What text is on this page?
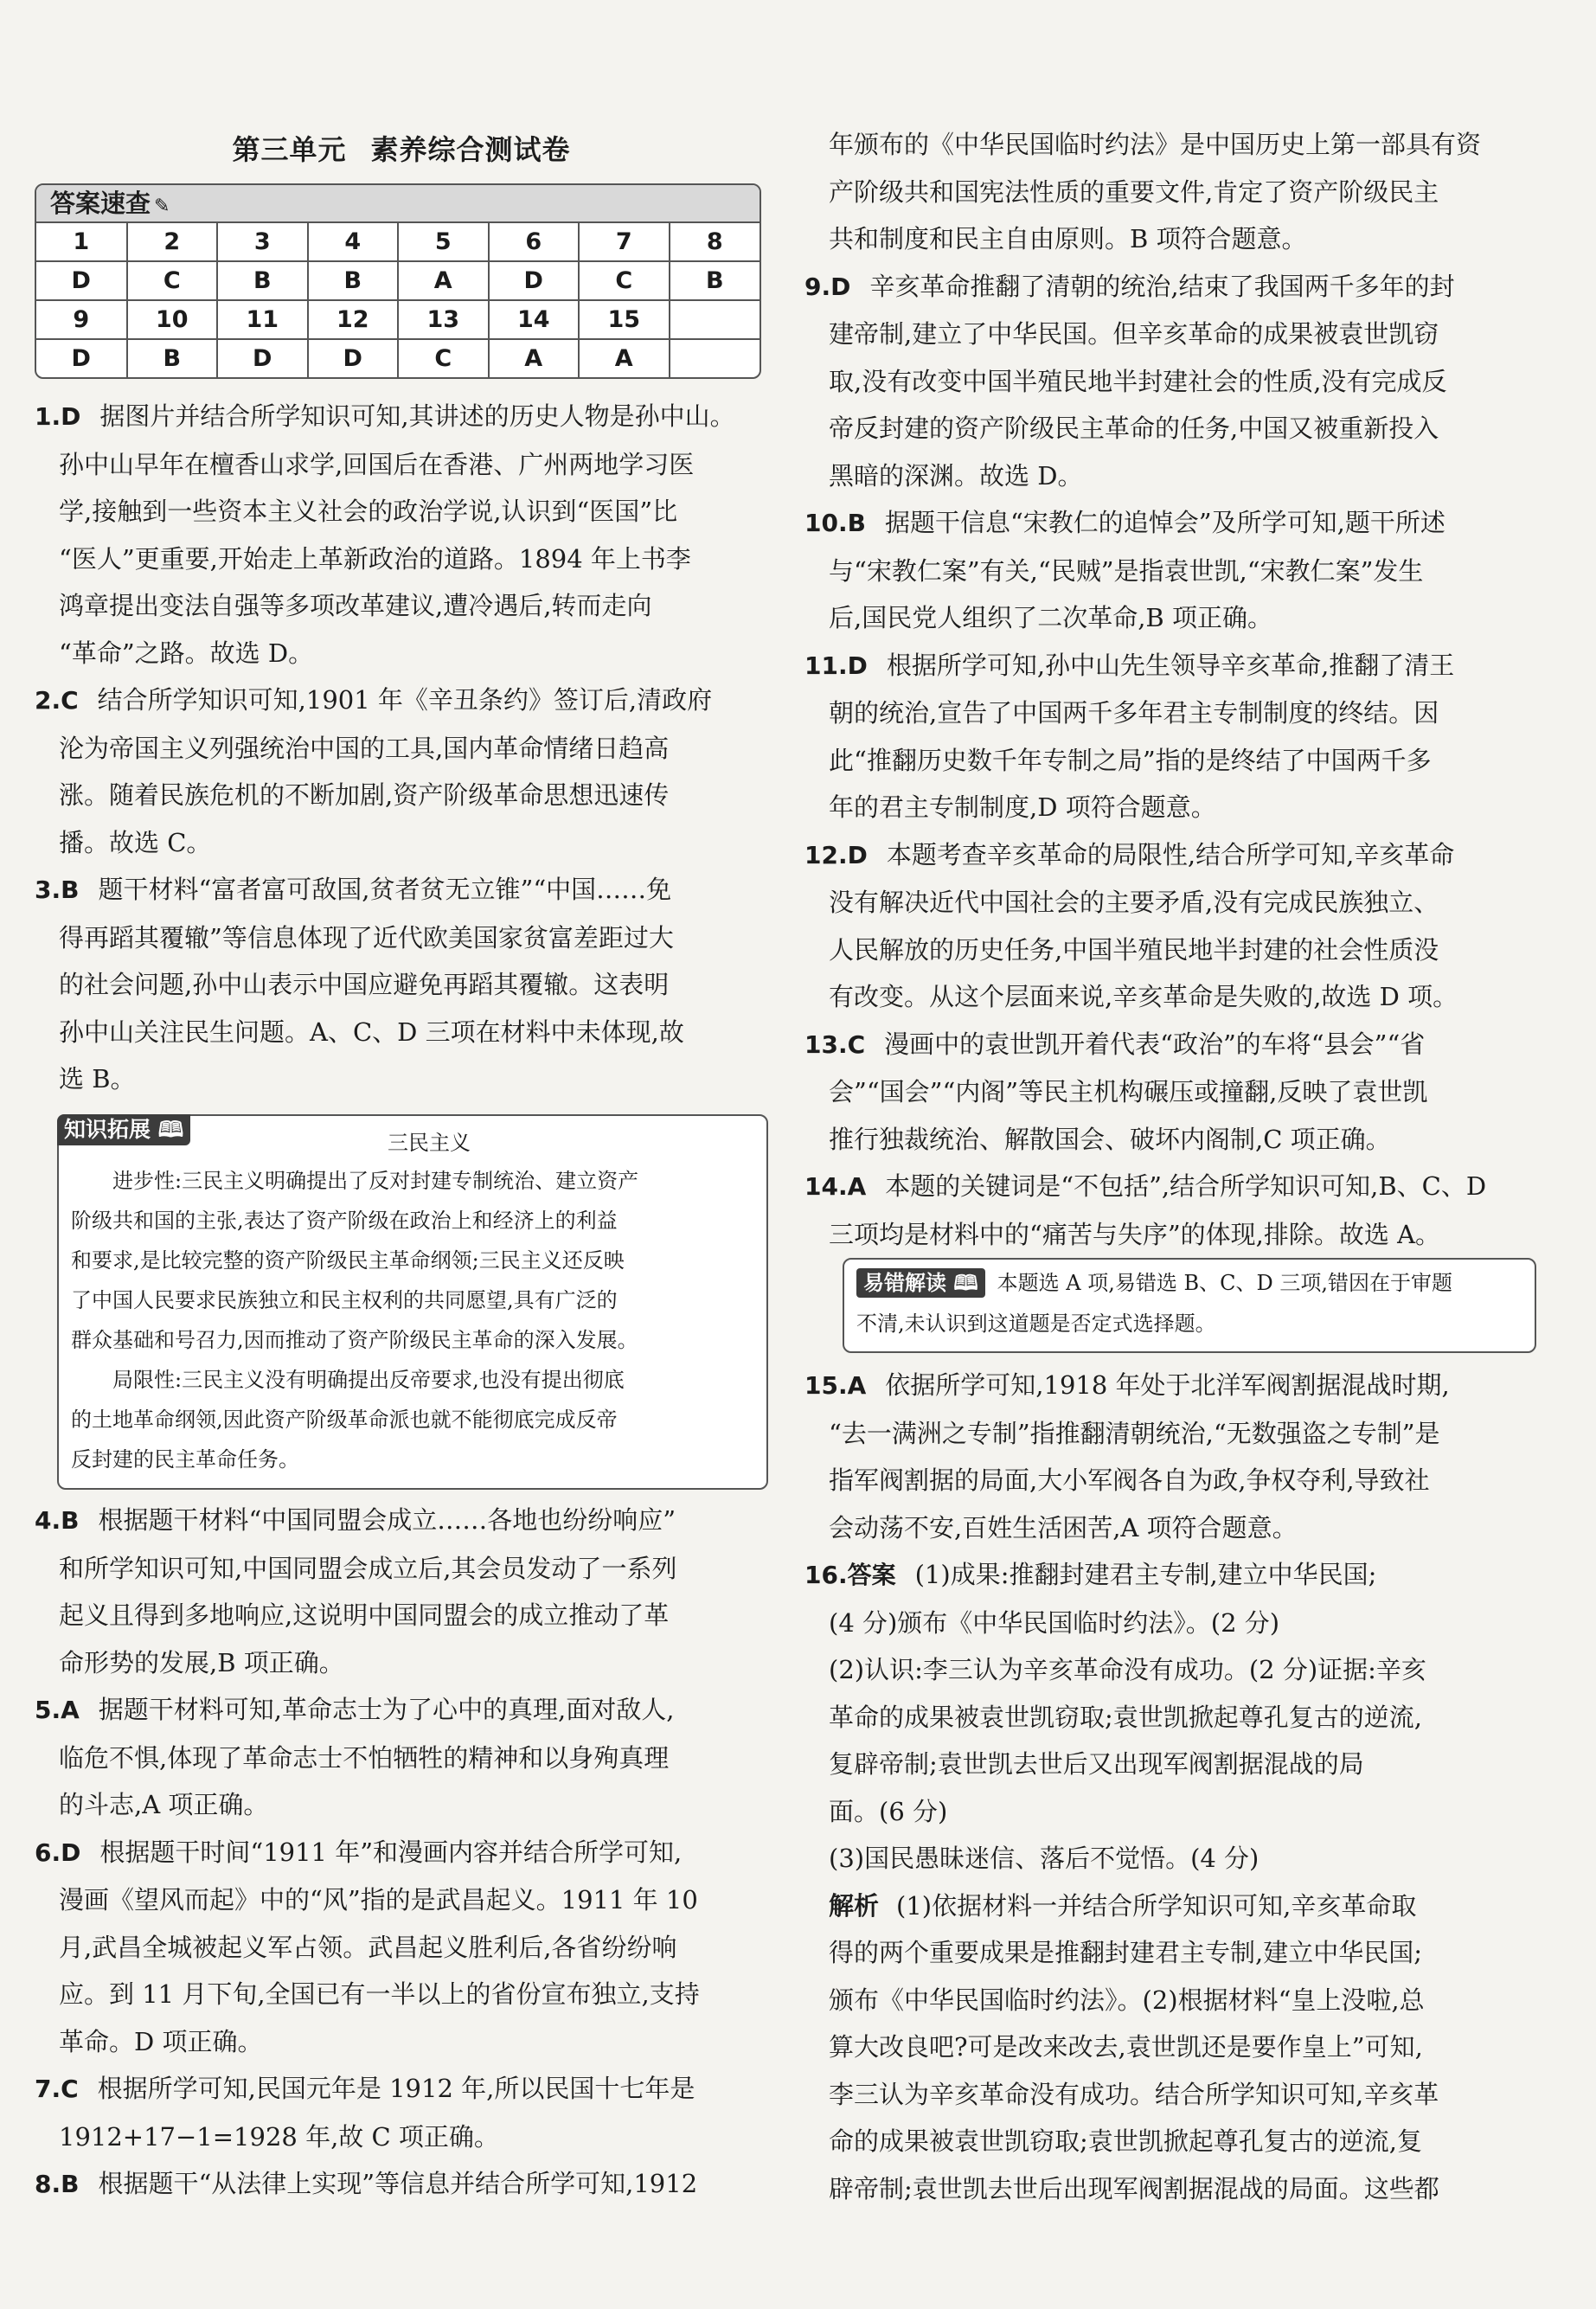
第三单元 素养综合测试卷
答案速查 ✎
1	2	3	4	5	6	7	8
D	C	B	B	A	D	C	B
9	10	11	12	13	14	15	
D	B	D	D	C	A	A	
1.D 据图片并结合所学知识可知,其讲述的历史人物是孙中山。
孙中山早年在檀香山求学,回国后在香港、广州两地学习医
学,接触到一些资本主义社会的政治学说,认识到“医国”比
“医人”更重要,开始走上革新政治的道路。1894 年上书李
鸿章提出变法自强等多项改革建议,遭冷遇后,转而走向
“革命”之路。故选 D。
2.C 结合所学知识可知,1901 年《辛丑条约》签订后,清政府
沦为帝国主义列强统治中国的工具,国内革命情绪日趋高
涨。随着民族危机的不断加剧,资产阶级革命思想迅速传
播。故选 C。
3.B 题干材料“富者富可敌国,贫者贫无立锥”“中国……免
得再蹈其覆辙”等信息体现了近代欧美国家贫富差距过大
的社会问题,孙中山表示中国应避免再蹈其覆辙。这表明
孙中山关注民生问题。A、C、D 三项在材料中未体现,故
选 B。
知识拓展 🕮
三民主义
进步性:三民主义明确提出了反对封建专制统治、建立资产
阶级共和国的主张,表达了资产阶级在政治上和经济上的利益
和要求,是比较完整的资产阶级民主革命纲领;三民主义还反映
了中国人民要求民族独立和民主权利的共同愿望,具有广泛的
群众基础和号召力,因而推动了资产阶级民主革命的深入发展。
局限性:三民主义没有明确提出反帝要求,也没有提出彻底
的土地革命纲领,因此资产阶级革命派也就不能彻底完成反帝
反封建的民主革命任务。
4.B 根据题干材料“中国同盟会成立……各地也纷纷响应”
和所学知识可知,中国同盟会成立后,其会员发动了一系列
起义且得到多地响应,这说明中国同盟会的成立推动了革
命形势的发展,B 项正确。
5.A 据题干材料可知,革命志士为了心中的真理,面对敌人,
临危不惧,体现了革命志士不怕牺牲的精神和以身殉真理
的斗志,A 项正确。
6.D 根据题干时间“1911 年”和漫画内容并结合所学可知,
漫画《望风而起》中的“风”指的是武昌起义。1911 年 10
月,武昌全城被起义军占领。武昌起义胜利后,各省纷纷响
应。到 11 月下旬,全国已有一半以上的省份宣布独立,支持
革命。D 项正确。
7.C 根据所学可知,民国元年是 1912 年,所以民国十七年是
1912+17−1=1928 年,故 C 项正确。
8.B 根据题干“从法律上实现”等信息并结合所学可知,1912
年颁布的《中华民国临时约法》是中国历史上第一部具有资
产阶级共和国宪法性质的重要文件,肯定了资产阶级民主
共和制度和民主自由原则。B 项符合题意。
9.D 辛亥革命推翻了清朝的统治,结束了我国两千多年的封
建帝制,建立了中华民国。但辛亥革命的成果被袁世凯窃
取,没有改变中国半殖民地半封建社会的性质,没有完成反
帝反封建的资产阶级民主革命的任务,中国又被重新投入
黑暗的深渊。故选 D。
10.B 据题干信息“宋教仁的追悼会”及所学可知,题干所述
与“宋教仁案”有关,“民贼”是指袁世凯,“宋教仁案”发生
后,国民党人组织了二次革命,B 项正确。
11.D 根据所学可知,孙中山先生领导辛亥革命,推翻了清王
朝的统治,宣告了中国两千多年君主专制制度的终结。因
此“推翻历史数千年专制之局”指的是终结了中国两千多
年的君主专制制度,D 项符合题意。
12.D 本题考查辛亥革命的局限性,结合所学可知,辛亥革命
没有解决近代中国社会的主要矛盾,没有完成民族独立、
人民解放的历史任务,中国半殖民地半封建的社会性质没
有改变。从这个层面来说,辛亥革命是失败的,故选 D 项。
13.C 漫画中的袁世凯开着代表“政治”的车将“县会”“省
会”“国会”“内阁”等民主机构碾压或撞翻,反映了袁世凯
推行独裁统治、解散国会、破坏内阁制,C 项正确。
14.A 本题的关键词是“不包括”,结合所学知识可知,B、C、D
三项均是材料中的“痛苦与失序”的体现,排除。故选 A。
易错解读 🕮 本题选 A 项,易错选 B、C、D 三项,错因在于审题
不清,未认识到这道题是否定式选择题。
15.A 依据所学可知,1918 年处于北洋军阀割据混战时期,
“去一满洲之专制”指推翻清朝统治,“无数强盗之专制”是
指军阀割据的局面,大小军阀各自为政,争权夺利,导致社
会动荡不安,百姓生活困苦,A 项符合题意。
16.答案 (1)成果:推翻封建君主专制,建立中华民国;
(4 分)颁布《中华民国临时约法》。(2 分)
(2)认识:李三认为辛亥革命没有成功。(2 分)证据:辛亥
革命的成果被袁世凯窃取;袁世凯掀起尊孔复古的逆流,
复辟帝制;袁世凯去世后又出现军阀割据混战的局
面。(6 分)
(3)国民愚昧迷信、落后不觉悟。(4 分)
解析 (1)依据材料一并结合所学知识可知,辛亥革命取
得的两个重要成果是推翻封建君主专制,建立中华民国;
颁布《中华民国临时约法》。(2)根据材料“皇上没啦,总
算大改良吧?可是改来改去,袁世凯还是要作皇上”可知,
李三认为辛亥革命没有成功。结合所学知识可知,辛亥革
命的成果被袁世凯窃取;袁世凯掀起尊孔复古的逆流,复
辟帝制;袁世凯去世后出现军阀割据混战的局面。这些都
